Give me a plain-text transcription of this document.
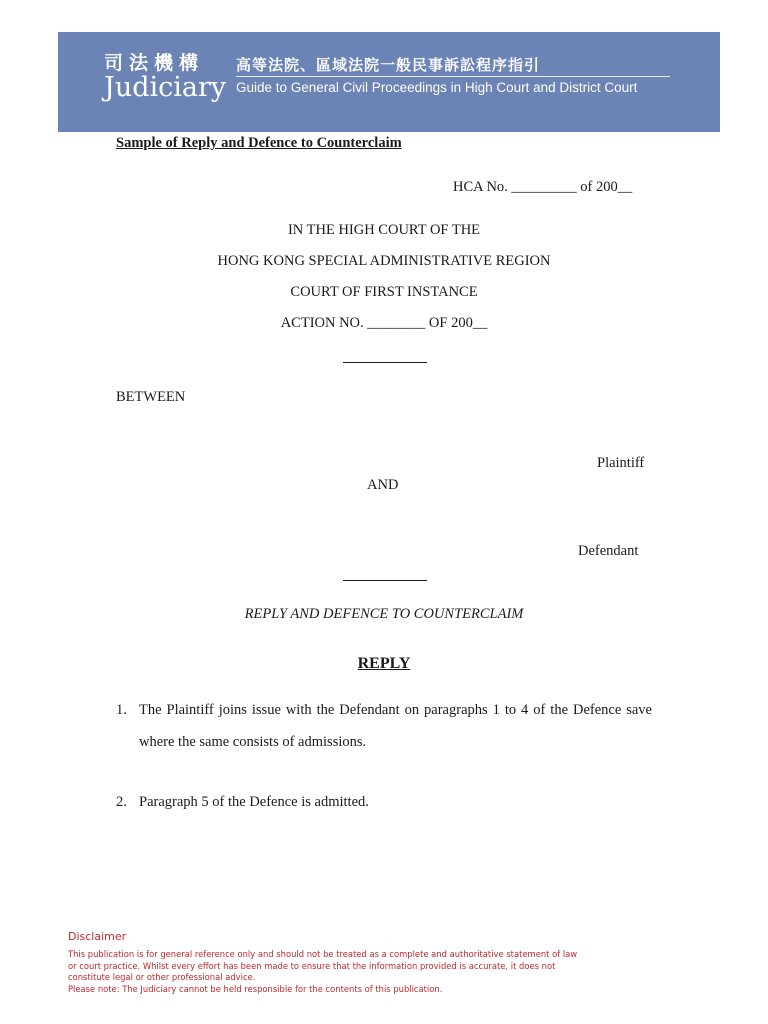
司法機構
Judiciary
高等法院、區域法院一般民事訴訟程序指引
Guide to General Civil Proceedings in High Court and District Court
Sample of Reply and Defence to Counterclaim
HCA No. _________ of 200__
IN THE HIGH COURT OF THE
HONG KONG SPECIAL ADMINISTRATIVE REGION
COURT OF FIRST INSTANCE
ACTION NO. ________ OF 200__
BETWEEN
Plaintiff
AND
Defendant
REPLY AND DEFENCE TO COUNTERCLAIM
REPLY
1. The Plaintiff joins issue with the Defendant on paragraphs 1 to 4 of the Defence save where the same consists of admissions.
2. Paragraph 5 of the Defence is admitted.
Disclaimer
This publication is for general reference only and should not be treated as a complete and authoritative statement of law
or court practice. Whilst every effort has been made to ensure that the information provided is accurate, it does not
constitute legal or other professional advice.
Please note: The Judiciary cannot be held responsible for the contents of this publication.
